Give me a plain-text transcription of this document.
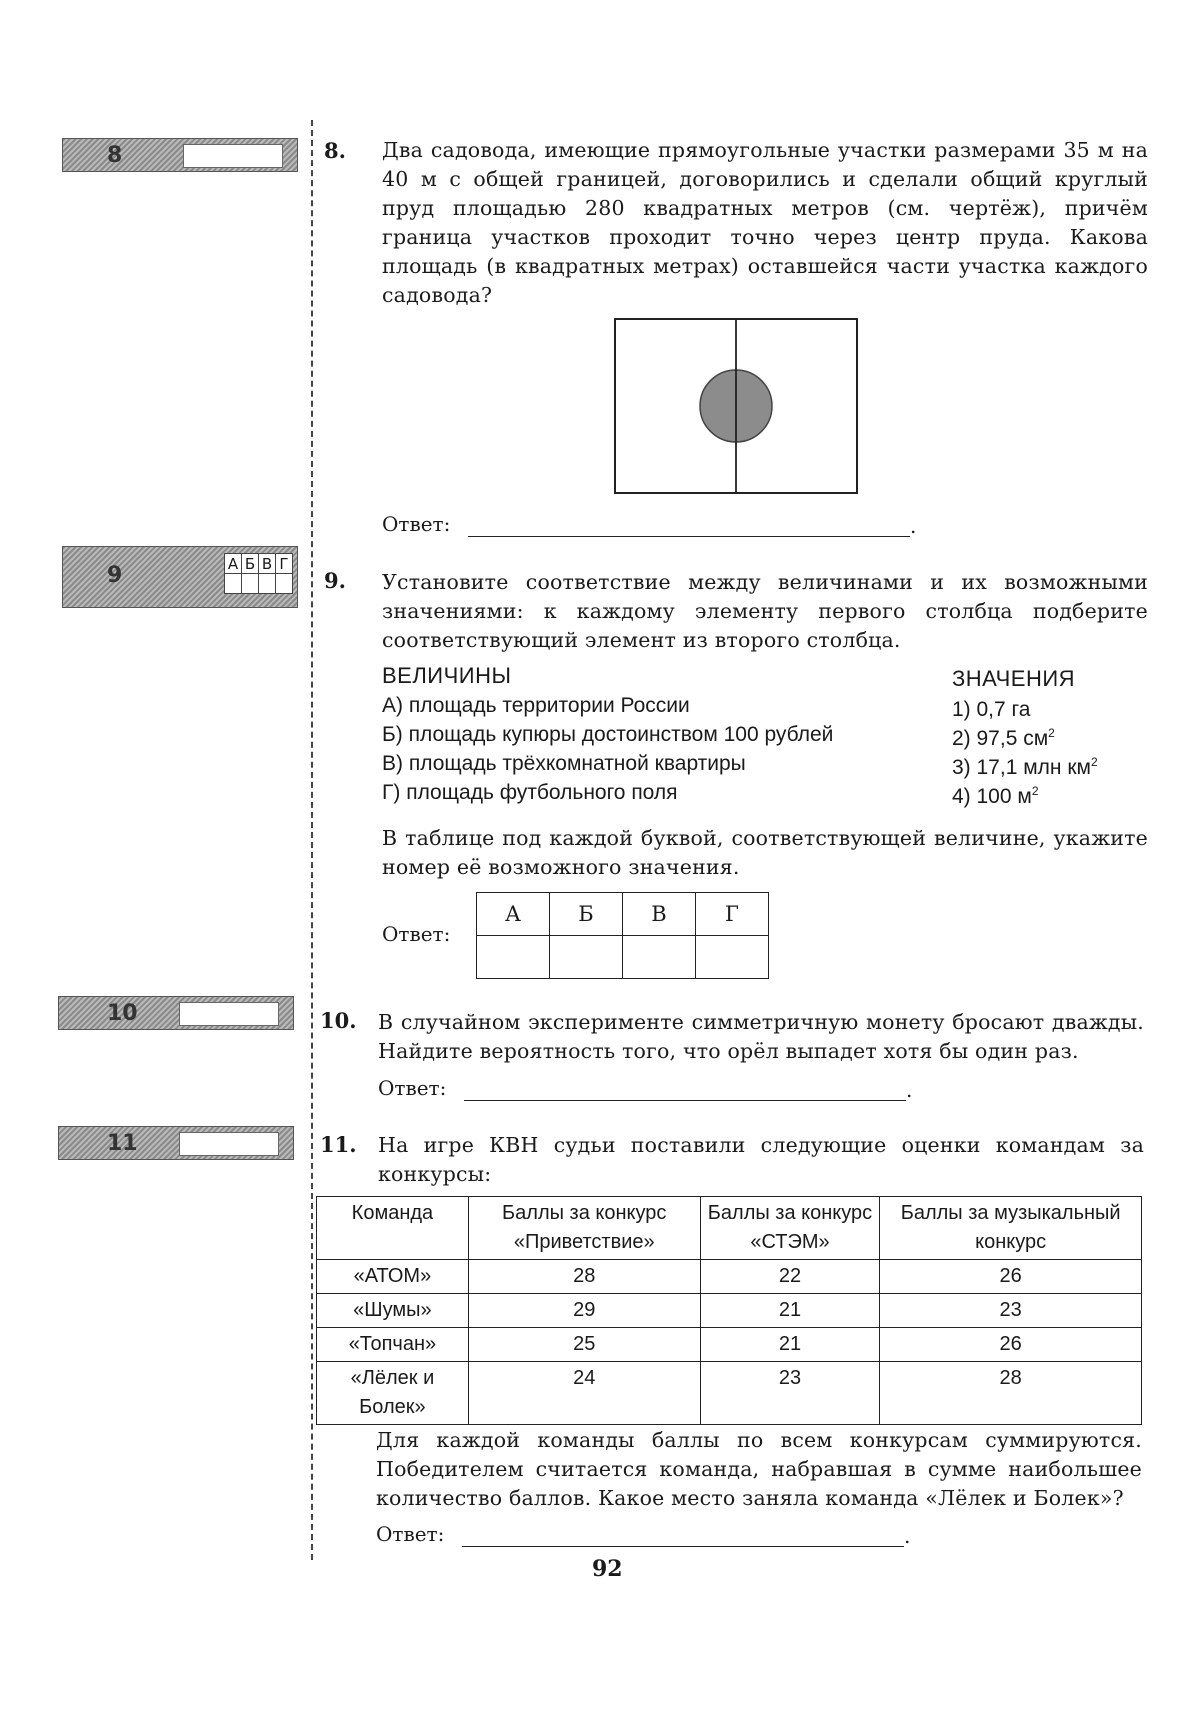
8
9	А	Б	В	Г

10
11
8. Два садовода, имеющие прямоугольные участки размерами 35 м на 40 м с общей границей, договорились и сделали общий круглый пруд площадью 280 квадратных метров (см. чертёж), причём граница участков проходит точно через центр пруда. Какова площадь (в квадратных метрах) оставшейся части участка каждого садовода?
Ответ:	.
9. Установите соответствие между величинами и их возможными значениями: к каждому элементу первого столбца подберите соответствующий элемент из второго столбца.
ВЕЛИЧИНЫ	ЗНАЧЕНИЯ
А) площадь территории России
Б) площадь купюры достоинством 100 рублей
В) площадь трёхкомнатной квартиры
Г) площадь футбольного поля
1) 0,7 га
2) 97,5 $см^2$
3) 17,1 млн $км^2$
4) 100 $м^2$
В таблице под каждой буквой, соответствующей величине, укажите номер её возможного значения.
Ответ:
А	Б	В	Г

10. В случайном эксперименте симметричную монету бросают дважды. Найдите вероятность того, что орёл выпадет хотя бы один раз.
Ответ:	.
11. На игре КВН судьи поставили следующие оценки командам за конкурсы:
Команда	Баллы за конкурс «Приветствие»	Баллы за конкурс «СТЭМ»	Баллы за музыкальный конкурс
«АТОМ»	28	22	26
«Шумы»	29	21	23
«Топчан»	25	21	26
«Лёлек и Болек»	24	23	28
Для каждой команды баллы по всем конкурсам суммируются. Победителем считается команда, набравшая в сумме наибольшее количество баллов. Какое место заняла команда «Лёлек и Болек»?
Ответ:	.
92
